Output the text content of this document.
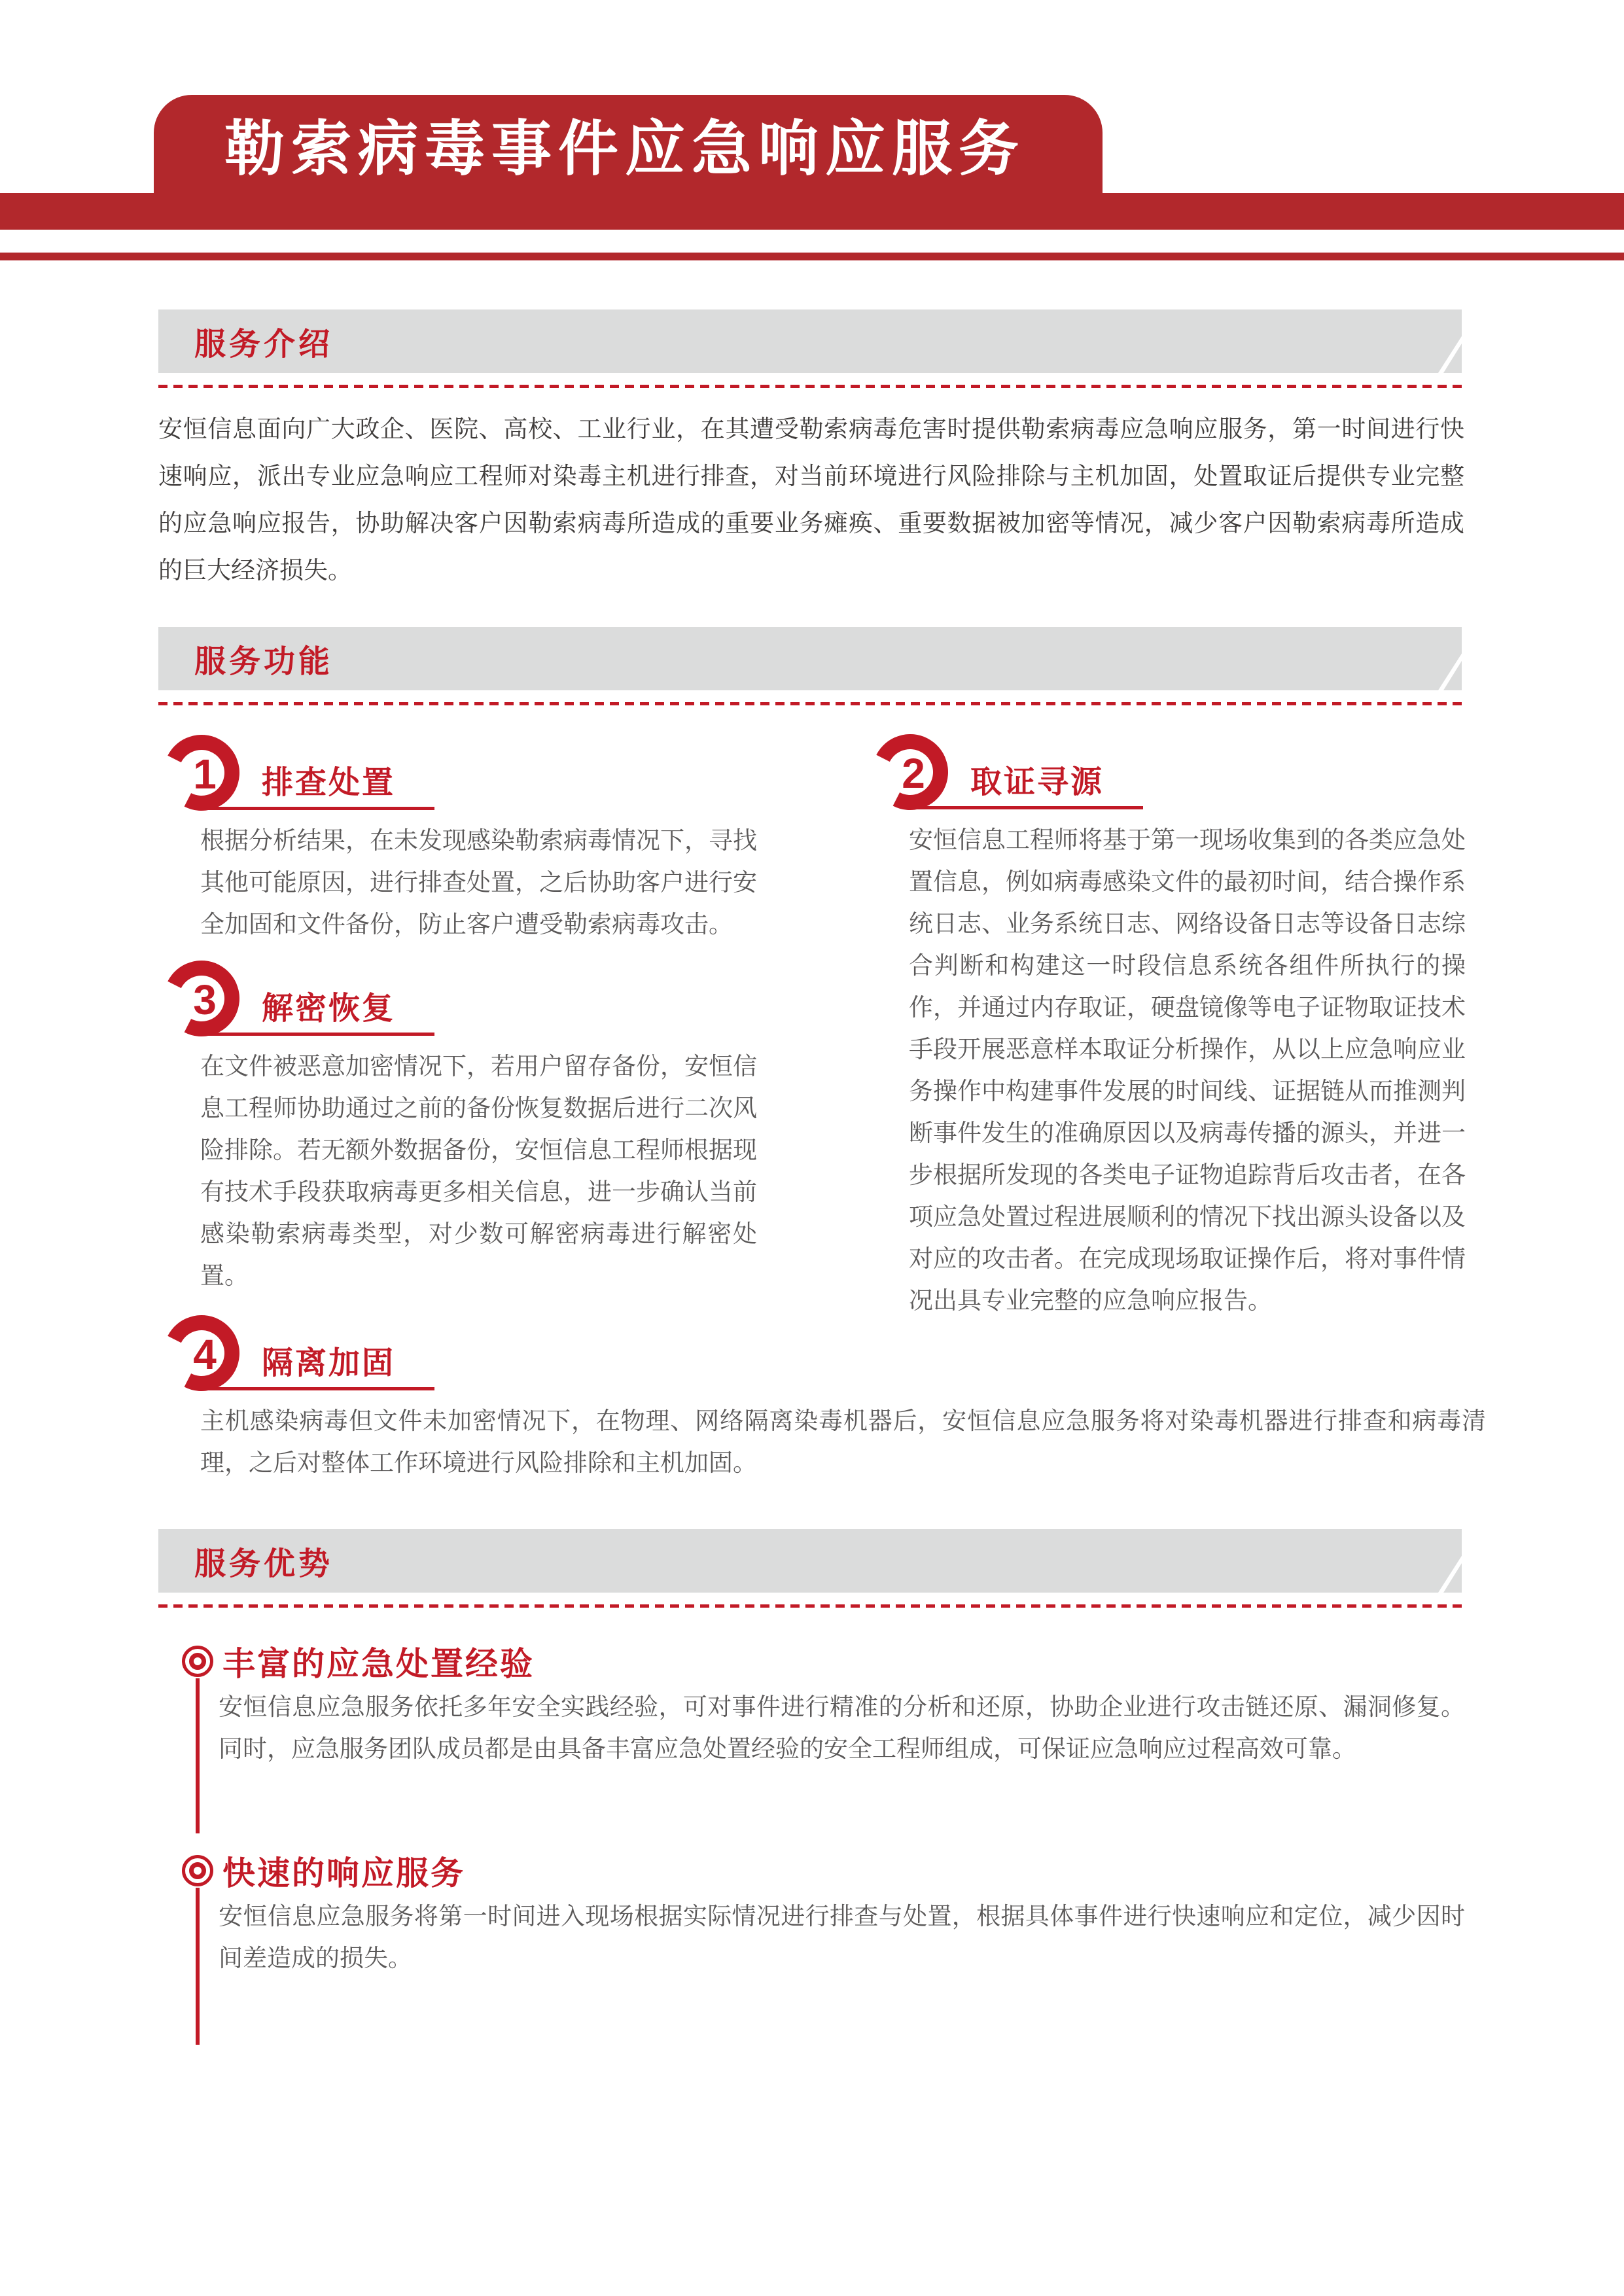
勒索病毒事件应急响应服务
服务介绍
安恒信息面向广大政企、医院、高校、工业行业，在其遭受勒索病毒危害时提供勒索病毒应急响应服务，第一时间进行快速响应，派出专业应急响应工程师对染毒主机进行排查，对当前环境进行风险排除与主机加固，处置取证后提供专业完整的应急响应报告，协助解决客户因勒索病毒所造成的重要业务瘫痪、重要数据被加密等情况，减少客户因勒索病毒所造成的巨大经济损失。
服务功能
1	排查处置
根据分析结果，在未发现感染勒索病毒情况下，寻找其他可能原因，进行排查处置，之后协助客户进行安全加固和文件备份，防止客户遭受勒索病毒攻击。
2	取证寻源
安恒信息工程师将基于第一现场收集到的各类应急处置信息，例如病毒感染文件的最初时间，结合操作系统日志、业务系统日志、网络设备日志等设备日志综合判断和构建这一时段信息系统各组件所执行的操作，并通过内存取证，硬盘镜像等电子证物取证技术手段开展恶意样本取证分析操作，从以上应急响应业务操作中构建事件发展的时间线、证据链从而推测判断事件发生的准确原因以及病毒传播的源头，并进一步根据所发现的各类电子证物追踪背后攻击者，在各项应急处置过程进展顺利的情况下找出源头设备以及对应的攻击者。在完成现场取证操作后，将对事件情况出具专业完整的应急响应报告。
3	解密恢复
在文件被恶意加密情况下，若用户留存备份，安恒信息工程师协助通过之前的备份恢复数据后进行二次风险排除。若无额外数据备份，安恒信息工程师根据现有技术手段获取病毒更多相关信息，进一步确认当前感染勒索病毒类型，对少数可解密病毒进行解密处置。
4	隔离加固
主机感染病毒但文件未加密情况下，在物理、网络隔离染毒机器后，安恒信息应急服务将对染毒机器进行排查和病毒清理，之后对整体工作环境进行风险排除和主机加固。
服务优势
丰富的应急处置经验
安恒信息应急服务依托多年安全实践经验，可对事件进行精准的分析和还原，协助企业进行攻击链还原、漏洞修复。同时，应急服务团队成员都是由具备丰富应急处置经验的安全工程师组成，可保证应急响应过程高效可靠。
快速的响应服务
安恒信息应急服务将第一时间进入现场根据实际情况进行排查与处置，根据具体事件进行快速响应和定位，减少因时间差造成的损失。
